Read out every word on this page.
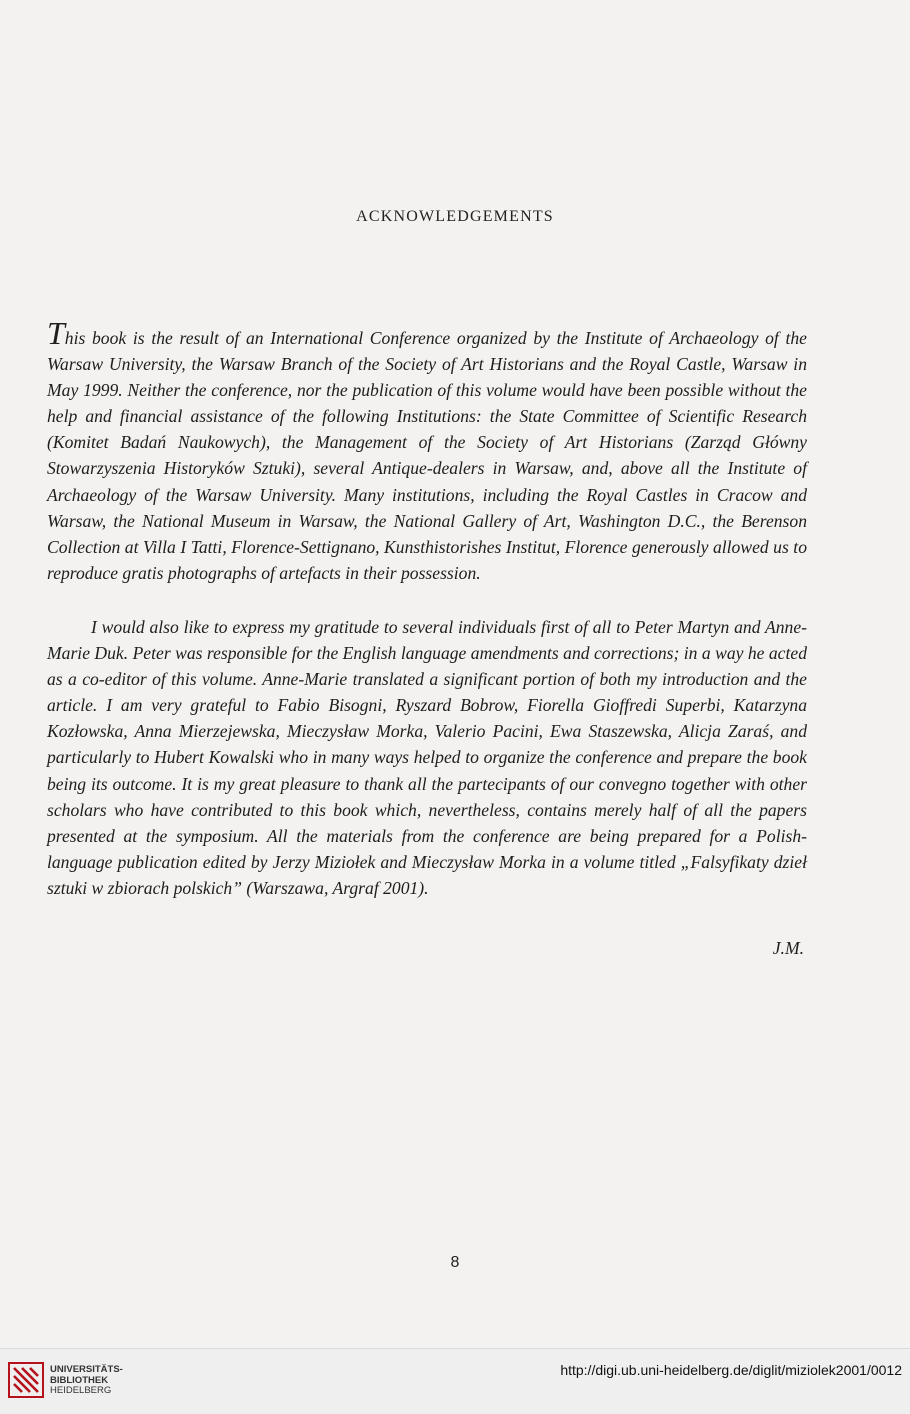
ACKNOWLEDGEMENTS
This book is the result of an International Conference organized by the Institute of Archaeology of the Warsaw University, the Warsaw Branch of the Society of Art Historians and the Royal Castle, Warsaw in May 1999. Neither the conference, nor the publication of this volume would have been possible without the help and financial assistance of the following Institutions: the State Committee of Scientific Research (Komitet Badań Naukowych), the Management of the Society of Art Historians (Zarząd Główny Stowarzyszenia Historyków Sztuki), several Antique-dealers in Warsaw, and, above all the Institute of Archaeology of the Warsaw University. Many institutions, including the Royal Castles in Cracow and Warsaw, the National Museum in Warsaw, the National Gallery of Art, Washington D.C., the Berenson Collection at Villa I Tatti, Florence-Settignano, Kunsthistorishes Institut, Florence generously allowed us to reproduce gratis photographs of artefacts in their possession.
I would also like to express my gratitude to several individuals first of all to Peter Martyn and Anne-Marie Duk. Peter was responsible for the English language amendments and corrections; in a way he acted as a co-editor of this volume. Anne-Marie translated a significant portion of both my introduction and the article. I am very grateful to Fabio Bisogni, Ryszard Bobrow, Fiorella Gioffredi Superbi, Katarzyna Kozłowska, Anna Mierzejewska, Mieczysław Morka, Valerio Pacini, Ewa Staszewska, Alicja Zaraś, and particularly to Hubert Kowalski who in many ways helped to organize the conference and prepare the book being its outcome. It is my great pleasure to thank all the partecipants of our convegno together with other scholars who have contributed to this book which, nevertheless, contains merely half of all the papers presented at the symposium. All the materials from the conference are being prepared for a Polish-language publication edited by Jerzy Miziołek and Mieczysław Morka in a volume titled „Falsyfikaty dzieł sztuki w zbiorach polskich” (Warszawa, Argraf 2001).
J.M.
8
UNIVERSITÄTS-
BIBLIOTHEK
HEIDELBERG
http://digi.ub.uni-heidelberg.de/diglit/miziolek2001/0012
